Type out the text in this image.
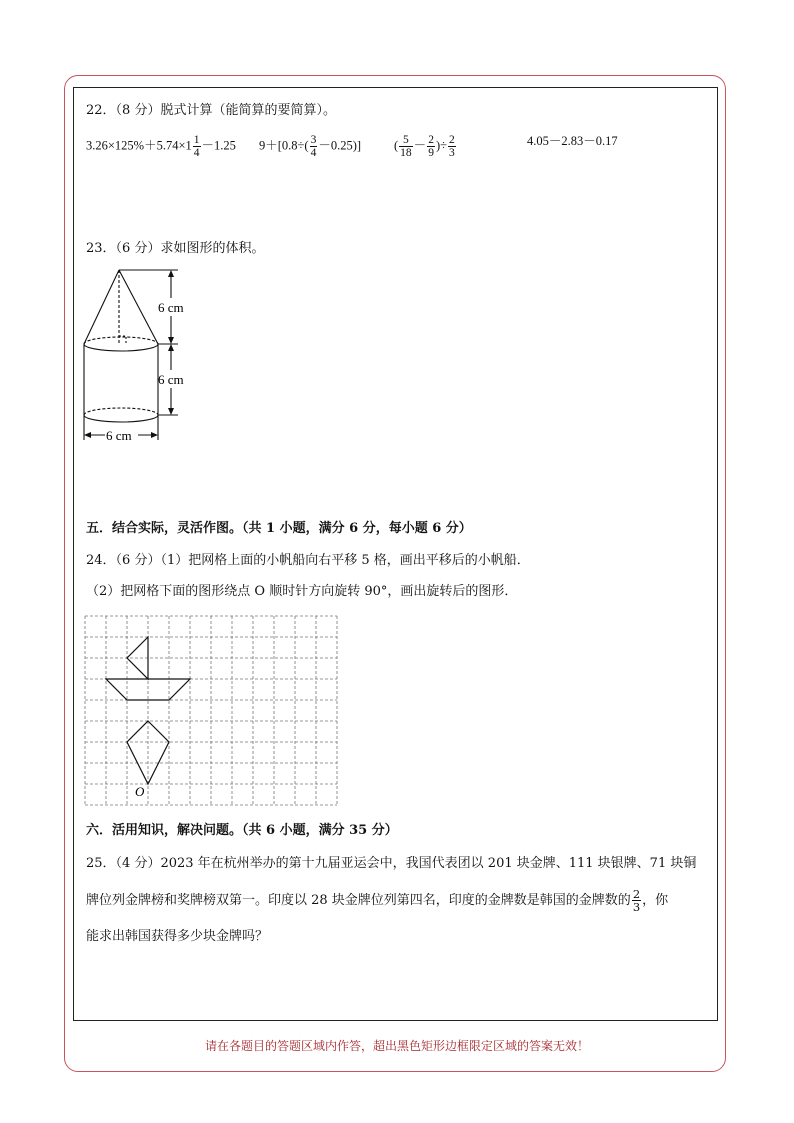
22．（8 分）脱式计算（能简算的要简算）。
$3.26\times 125\%+5.74\times 1 \frac{1}{4} -1.25$ $9+[0.8\div( \frac{3}{4} -0.25)]$	( $\frac{5}{18} - \frac{2}{9}$ )÷ $\frac{2}{3}$	4.05－2.83－0.17
23．（6 分）求如图形的体积。
6 cm
6 cm
6 cm
五．结合实际，灵活作图。（共 1 小题，满分 6 分，每小题 6 分）
24．（6 分）（1）把网格上面的小帆船向右平移 5 格，画出平移后的小帆船．
（2）把网格下面的图形绕点 O 顺时针方向旋转 90°，画出旋转后的图形．
O
六．活用知识，解决问题。（共 6 小题，满分 35 分）
25．（4 分）2023 年在杭州举办的第十九届亚运会中，我国代表团以 201 块金牌、111 块银牌、71 块铜
牌位列金牌榜和奖牌榜双第一。印度以 28 块金牌位列第四名，印度的金牌数是韩国的金牌数的 $\frac{2}{3}$ ，你
能求出韩国获得多少块金牌吗？
请在各题目的答题区域内作答，超出黑色矩形边框限定区域的答案无效！
